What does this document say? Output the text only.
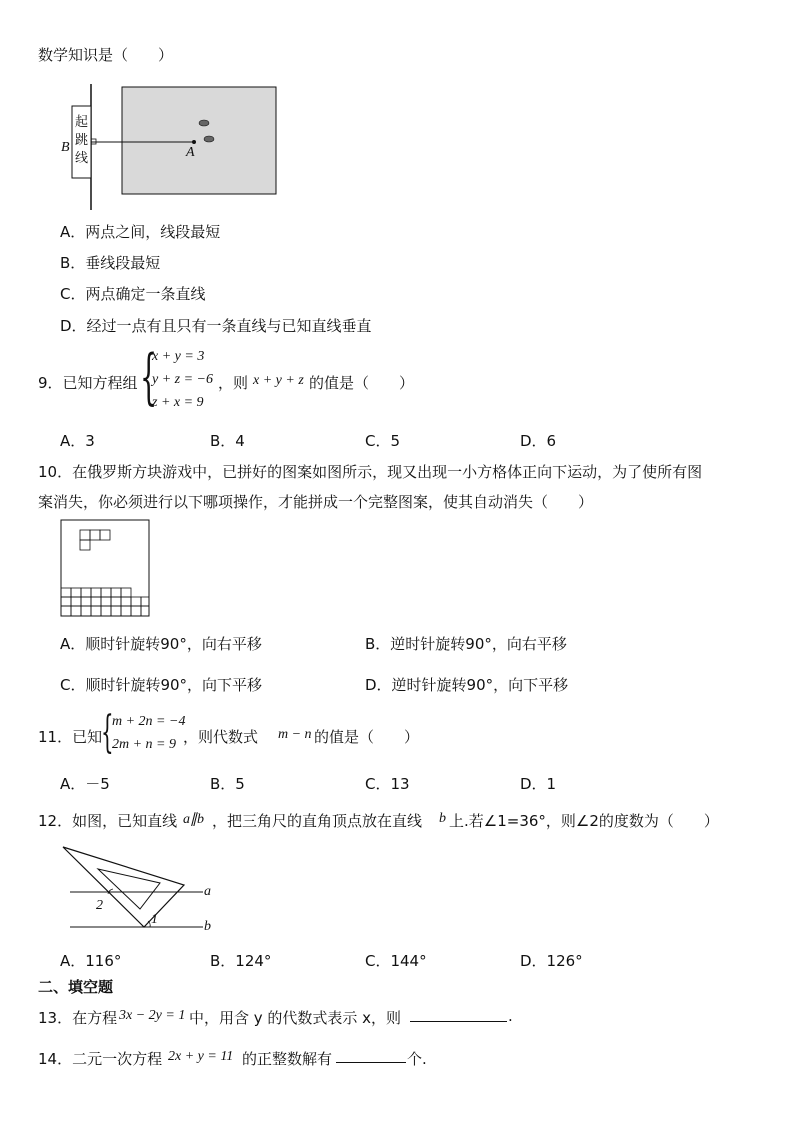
数学知识是（　　）
起
跳
线
B	A
A．两点之间，线段最短
B．垂线段最短
C．两点确定一条直线
D．经过一点有且只有一条直线与已知直线垂直
9．已知方程组 {
x + y = 3
y + z = −6
z + x = 9
，则 x + y + z 的值是（　　）
A．3	B．4	C．5	D．6
10．在俄罗斯方块游戏中，已拼好的图案如图所示，现又出现一小方格体正向下运动，为了使所有图
案消失，你必须进行以下哪项操作，才能拼成一个完整图案，使其自动消失（　　）
A．顺时针旋转90°，向右平移	B．逆时针旋转90°，向右平移
C．顺时针旋转90°，向下平移	D．逆时针旋转90°，向下平移
11．已知
{
m + 2n = −4
2m + n = 9 ，则代数式 m − n 的值是（　　）
A．－5	B．5	C．13	D．1
12．如图，已知直线 a∥b ，把三角尺的直角顶点放在直线 b 上.若∠1=36°，则∠2的度数为（　　）
a
b
2
1
A．116°	B．124°	C．144°	D．126°
二、填空题
13．在方程 3x − 2y = 1 中，用含 y 的代数式表示 x，则	.
14．二元一次方程 2x + y = 11 的正整数解有	个.
